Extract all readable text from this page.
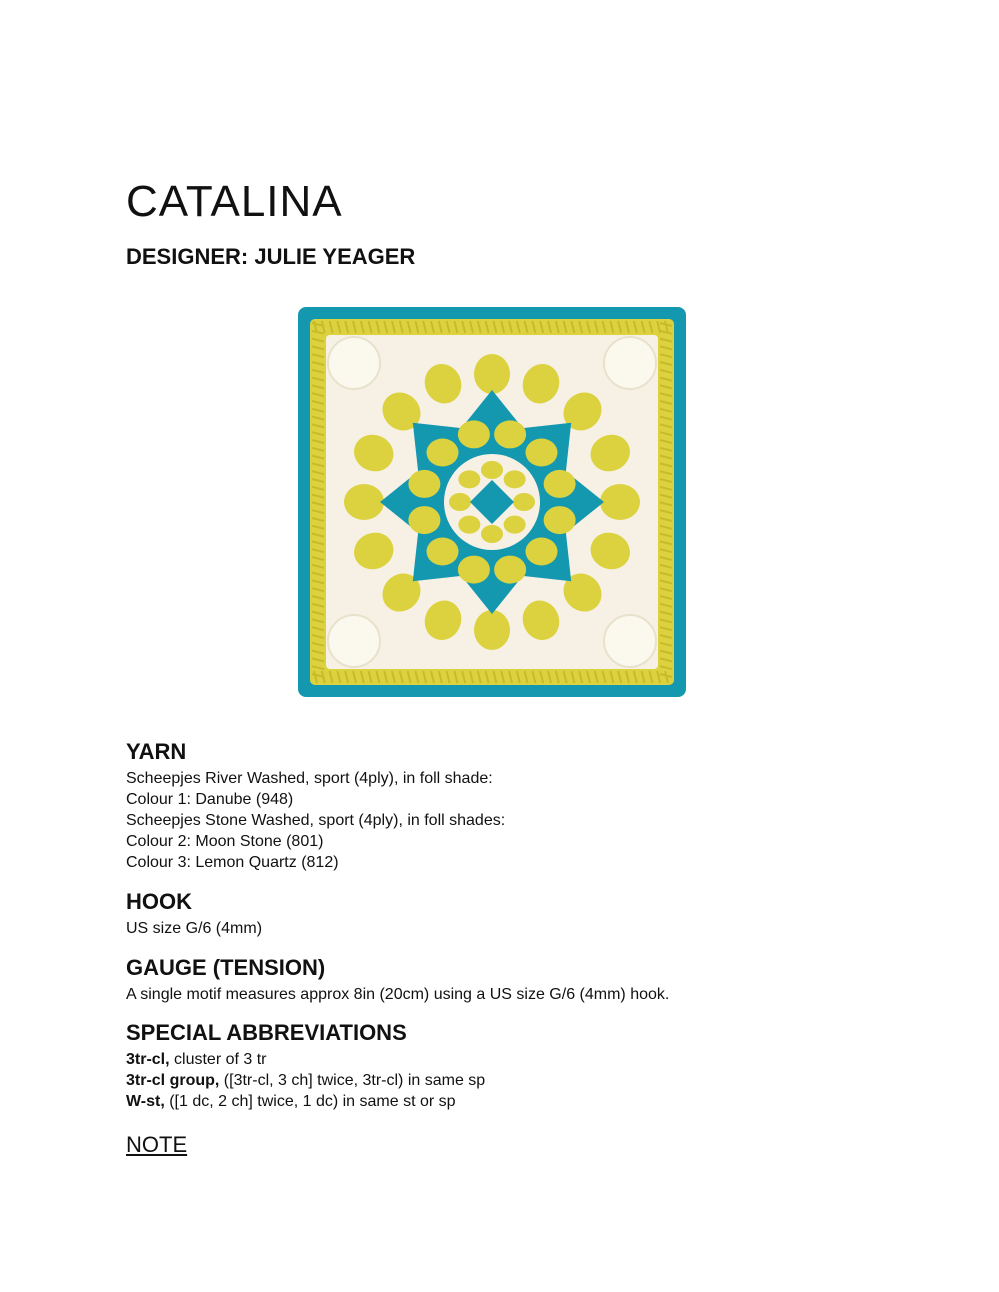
CATALINA
DESIGNER: JULIE YEAGER
YARN

Scheepjes River Washed, sport (4ply), in foll shade:

Colour 1: Danube (948)

Scheepjes Stone Washed, sport (4ply), in foll shades:

Colour 2: Moon Stone (801)

Colour 3: Lemon Quartz (812)

HOOK

US size G/6 (4mm)

GAUGE (TENSION)

A single motif measures approx 8in (20cm) using a US size G/6 (4mm) hook.

SPECIAL ABBREVIATIONS

3tr-cl, cluster of 3 tr

3tr-cl group, ([3tr-cl, 3 ch] twice, 3tr-cl) in same sp

W-st, ([1 dc, 2 ch] twice, 1 dc) in same st or sp

NOTE
